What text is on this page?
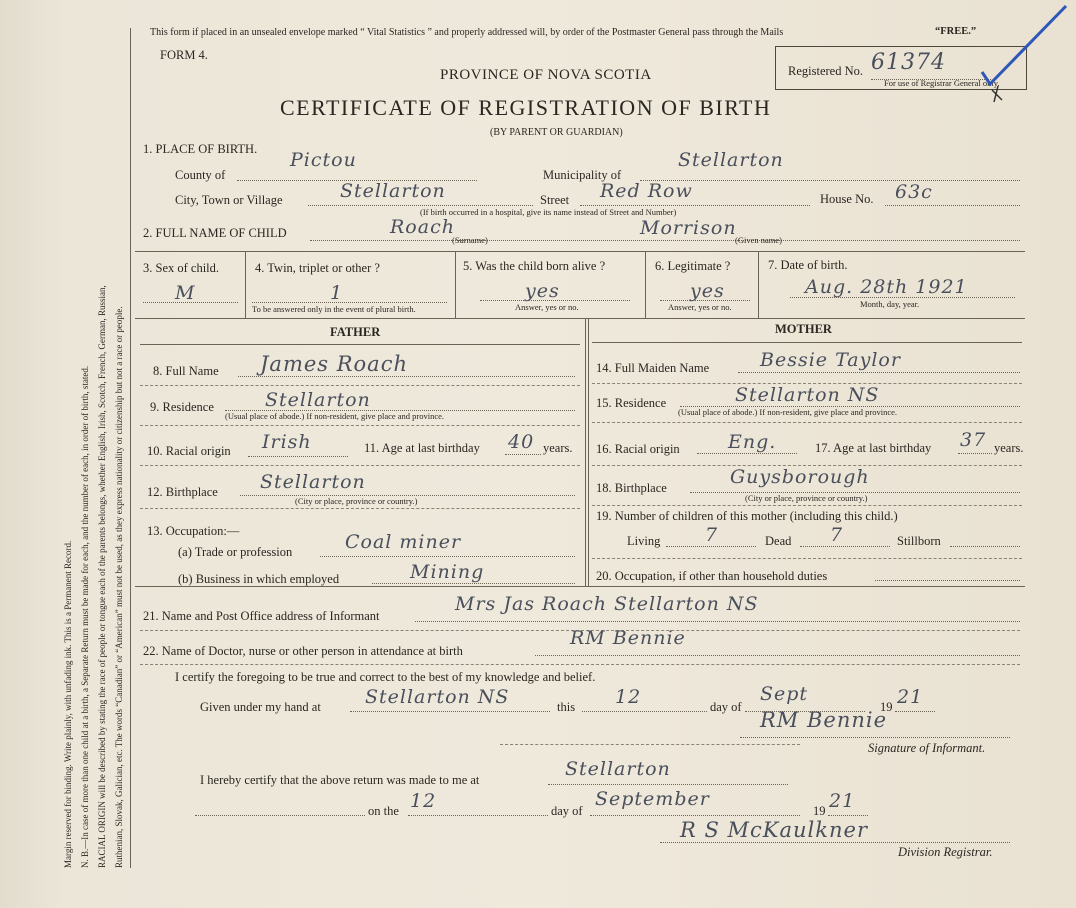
Margin reserved for binding. Write plainly, with unfading ink. This is a Permanent Record. N. B.—In case of more than one child at a birth, a Separate Return must be made for each, and the number of each, in order of birth, stated. RACIAL ORIGIN will be described by stating the race of people or tongue each of the parents belongs, whether English, Irish, Scotch, French, German, Russian, Ruthenian, Slovak, Galician, etc. The words “Canadian” or “American” must not be used, as they express nationality or citizenship but not a race or people.
This form if placed in an unsealed envelope marked “ Vital Statistics ” and properly addressed will, by order of the Postmaster General pass through the Mails	“FREE.”
FORM 4.
PROVINCE OF NOVA SCOTIA
CERTIFICATE OF REGISTRATION OF BIRTH
(BY PARENT OR GUARDIAN)
Registered No. 61374
For use of Registrar General only.
1. PLACE OF BIRTH.
County of
Pictou
Municipality of
Stellarton
City, Town or Village	Stellarton	Street Red Row	House No. 63c
(If birth occurred in a hospital, give its name instead of Street and Number)
2. FULL NAME OF CHILD	Roach
(Surname)
Morrison
(Given name)
3. Sex of child.
M
4. Twin, triplet or other ?
1
To be answered only in the event of plural birth.
5. Was the child born alive ?
yes
Answer, yes or no.
6. Legitimate ?
yes
Answer, yes or no.
7. Date of birth.
Aug. 28th 1921
Month, day, year.
FATHER	MOTHER
8. Full Name James Roach
9. Residence	Stellarton
(Usual place of abode.) If non-resident, give place and province.
10. Racial origin Irish	11. Age at last birthday 40 years.
12. Birthplace Stellarton
(City or place, province or country.)
13. Occupation:—
(a) Trade or profession	Coal miner
(b) Business in which employed	Mining
14. Full Maiden Name	Bessie Taylor
15. Residence	Stellarton NS
(Usual place of abode.) If non-resident, give place and province.
16. Racial origin	Eng.	17. Age at last birthday 37 years.
18. Birthplace	Guysborough
(City or place, province or country.)
19. Number of children of this mother (including this child.)
Living 7	Dead 7	Stillborn
20. Occupation, if other than household duties
21. Name and Post Office address of Informant
Mrs Jas Roach Stellarton NS
22. Name of Doctor, nurse or other person in attendance at birth
RM Bennie
I certify the foregoing to be true and correct to the best of my knowledge and belief.
Given under my hand at Stellarton NS	this 12	day of
Sept
19 21
RM Bennie
Signature of Informant.
I hereby certify that the above return was made to me at	Stellarton
on the 12	day of
September
19 21
R S McKaulkner
Division Registrar.
